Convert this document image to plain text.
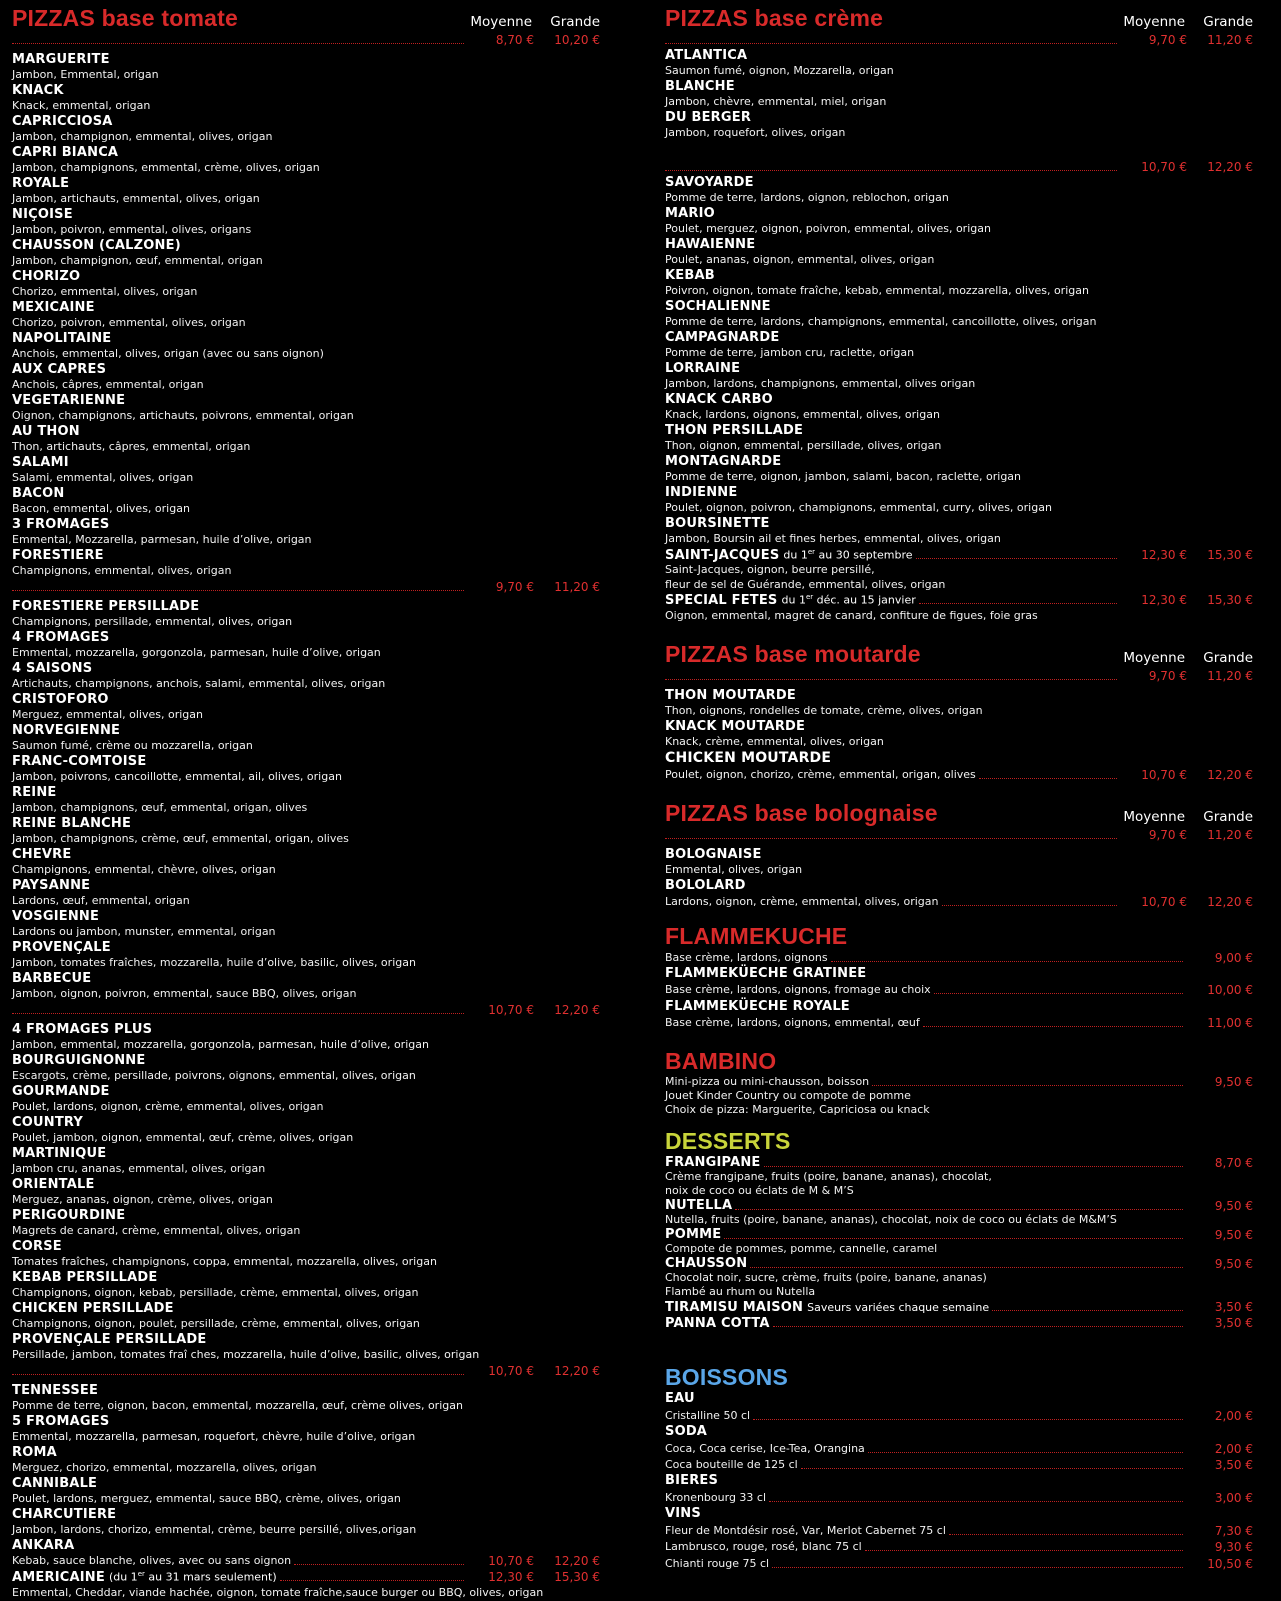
PIZZAS base tomate	Moyenne	Grande
8,70 €	10,20 €
MARGUERITE
Jambon, Emmental, origan
KNACK
Knack, emmental, origan
CAPRICCIOSA
Jambon, champignon, emmental, olives, origan
CAPRI BIANCA
Jambon, champignons, emmental, crème, olives, origan
ROYALE
Jambon, artichauts, emmental, olives, origan
NIÇOISE
Jambon, poivron, emmental, olives, origans
CHAUSSON (CALZONE)
Jambon, champignon, œuf, emmental, origan
CHORIZO
Chorizo, emmental, olives, origan
MEXICAINE
Chorizo, poivron, emmental, olives, origan
NAPOLITAINE
Anchois, emmental, olives, origan (avec ou sans oignon)
AUX CAPRES
Anchois, câpres, emmental, origan
VEGETARIENNE
Oignon, champignons, artichauts, poivrons, emmental, origan
AU THON
Thon, artichauts, câpres, emmental, origan
SALAMI
Salami, emmental, olives, origan
BACON
Bacon, emmental, olives, origan
3 FROMAGES
Emmental, Mozzarella, parmesan, huile d’olive, origan
FORESTIERE
Champignons, emmental, olives, origan
9,70 €	11,20 €
FORESTIERE PERSILLADE
Champignons, persillade, emmental, olives, origan
4 FROMAGES
Emmental, mozzarella, gorgonzola, parmesan, huile d’olive, origan
4 SAISONS
Artichauts, champignons, anchois, salami, emmental, olives, origan
CRISTOFORO
Merguez, emmental, olives, origan
NORVEGIENNE
Saumon fumé, crème ou mozzarella, origan
FRANC-COMTOISE
Jambon, poivrons, cancoillotte, emmental, ail, olives, origan
REINE
Jambon, champignons, œuf, emmental, origan, olives
REINE BLANCHE
Jambon, champignons, crème, œuf, emmental, origan, olives
CHEVRE
Champignons, emmental, chèvre, olives, origan
PAYSANNE
Lardons, œuf, emmental, origan
VOSGIENNE
Lardons ou jambon, munster, emmental, origan
PROVENÇALE
Jambon, tomates fraîches, mozzarella, huile d’olive, basilic, olives, origan
BARBECUE
Jambon, oignon, poivron, emmental, sauce BBQ, olives, origan
10,70 €	12,20 €
4 FROMAGES PLUS
Jambon, emmental, mozzarella, gorgonzola, parmesan, huile d’olive, origan
BOURGUIGNONNE
Escargots, crème, persillade, poivrons, oignons, emmental, olives, origan
GOURMANDE
Poulet, lardons, oignon, crème, emmental, olives, origan
COUNTRY
Poulet, jambon, oignon, emmental, œuf, crème, olives, origan
MARTINIQUE
Jambon cru, ananas, emmental, olives, origan
ORIENTALE
Merguez, ananas, oignon, crème, olives, origan
PERIGOURDINE
Magrets de canard, crème, emmental, olives, origan
CORSE
Tomates fraîches, champignons, coppa, emmental, mozzarella, olives, origan
KEBAB PERSILLADE
Champignons, oignon, kebab, persillade, crème, emmental, olives, origan
CHICKEN PERSILLADE
Champignons, oignon, poulet, persillade, crème, emmental, olives, origan
PROVENÇALE PERSILLADE
Persillade, jambon, tomates fraî ches, mozzarella, huile d’olive, basilic, olives, origan
10,70 €	12,20 €
TENNESSEE
Pomme de terre, oignon, bacon, emmental, mozzarella, œuf, crème olives, origan
5 FROMAGES
Emmental, mozzarella, parmesan, roquefort, chèvre, huile d’olive, origan
ROMA
Merguez, chorizo, emmental, mozzarella, olives, origan
CANNIBALE
Poulet, lardons, merguez, emmental, sauce BBQ, crème, olives, origan
CHARCUTIERE
Jambon, lardons, chorizo, emmental, crème, beurre persillé, olives,origan
ANKARA
Kebab, sauce blanche, olives, avec ou sans oignon	10,70 €	12,20 €
AMERICAINE (du 1er au 31 mars seulement)	12,30 €	15,30 €
Emmental, Cheddar, viande hachée, oignon, tomate fraîche,sauce burger ou BBQ, olives, origan
PIZZAS base crème	Moyenne	Grande
9,70 €	11,20 €
ATLANTICA
Saumon fumé, oignon, Mozzarella, origan
BLANCHE
Jambon, chèvre, emmental, miel, origan
DU BERGER
Jambon, roquefort, olives, origan
10,70 €	12,20 €
SAVOYARDE
Pomme de terre, lardons, oignon, reblochon, origan
MARIO
Poulet, merguez, oignon, poivron, emmental, olives, origan
HAWAIENNE
Poulet, ananas, oignon, emmental, olives, origan
KEBAB
Poivron, oignon, tomate fraîche, kebab, emmental, mozzarella, olives, origan
SOCHALIENNE
Pomme de terre, lardons, champignons, emmental, cancoillotte, olives, origan
CAMPAGNARDE
Pomme de terre, jambon cru, raclette, origan
LORRAINE
Jambon, lardons, champignons, emmental, olives origan
KNACK CARBO
Knack, lardons, oignons, emmental, olives, origan
THON PERSILLADE
Thon, oignon, emmental, persillade, olives, origan
MONTAGNARDE
Pomme de terre, oignon, jambon, salami, bacon, raclette, origan
INDIENNE
Poulet, oignon, poivron, champignons, emmental, curry, olives, origan
BOURSINETTE
Jambon, Boursin ail et fines herbes, emmental, olives, origan
SAINT-JACQUES du 1er au 30 septembre	12,30 €	15,30 €
Saint-Jacques, oignon, beurre persillé,
fleur de sel de Guérande, emmental, olives, origan
SPECIAL FETES du 1er déc. au 15 janvier	12,30 €	15,30 €
Oignon, emmental, magret de canard, confiture de figues, foie gras
PIZZAS base moutarde	Moyenne	Grande
9,70 €	11,20 €
THON MOUTARDE
Thon, oignons, rondelles de tomate, crème, olives, origan
KNACK MOUTARDE
Knack, crème, emmental, olives, origan
CHICKEN MOUTARDE
Poulet, oignon, chorizo, crème, emmental, origan, olives	10,70 €	12,20 €
PIZZAS base bolognaise	Moyenne	Grande
9,70 €	11,20 €
BOLOGNAISE
Emmental, olives, origan
BOLOLARD
Lardons, oignon, crème, emmental, olives, origan	10,70 €	12,20 €
FLAMMEKUCHE
Base crème, lardons, oignons	9,00 €
FLAMMEKÜECHE GRATINEE
Base crème, lardons, oignons, fromage au choix	10,00 €
FLAMMEKÜECHE ROYALE
Base crème, lardons, oignons, emmental, œuf	11,00 €
BAMBINO
Mini-pizza ou mini-chausson, boisson	9,50 €
Jouet Kinder Country ou compote de pomme
Choix de pizza: Marguerite, Capriciosa ou knack
DESSERTS
FRANGIPANE	8,70 €
Crème frangipane, fruits (poire, banane, ananas), chocolat,
noix de coco ou éclats de M & M’S
NUTELLA	9,50 €
Nutella, fruits (poire, banane, ananas), chocolat, noix de coco ou éclats de M&M’S
POMME	9,50 €
Compote de pommes, pomme, cannelle, caramel
CHAUSSON	9,50 €
Chocolat noir, sucre, crème, fruits (poire, banane, ananas)
Flambé au rhum ou Nutella
TIRAMISU MAISON Saveurs variées chaque semaine	3,50 €
PANNA COTTA	3,50 €
BOISSONS
EAU
Cristalline 50 cl	2,00 €
SODA
Coca, Coca cerise, Ice-Tea, Orangina	2,00 €
Coca bouteille de 125 cl	3,50 €
BIERES
Kronenbourg 33 cl	3,00 €
VINS
Fleur de Montdésir rosé, Var, Merlot Cabernet 75 cl	7,30 €
Lambrusco, rouge, rosé, blanc 75 cl	9,30 €
Chianti rouge 75 cl	10,50 €
